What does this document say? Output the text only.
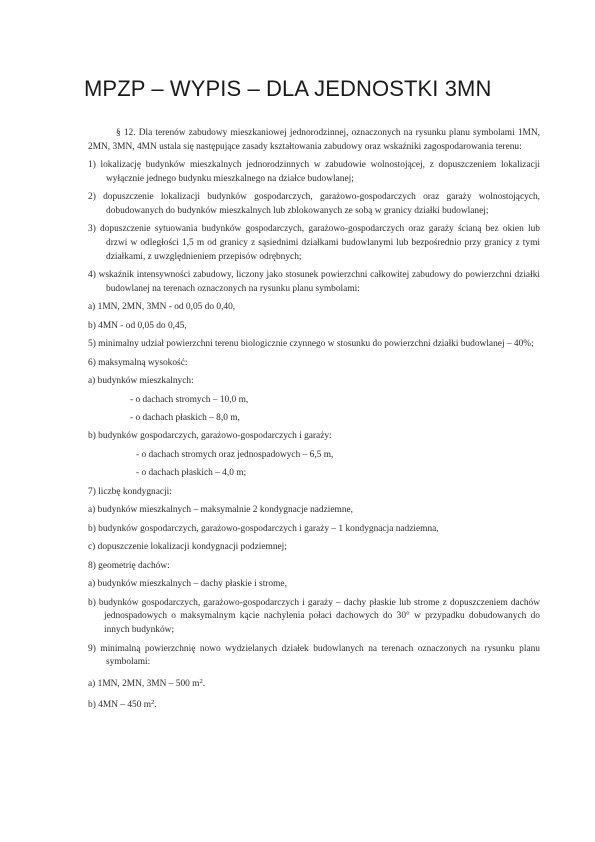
MPZP – WYPIS – DLA JEDNOSTKI 3MN

§ 12. Dla terenów zabudowy mieszkaniowej jednorodzinnej, oznaczonych na rysunku planu symbolami 1MN, 2MN, 3MN, 4MN ustala się następujące zasady kształtowania zabudowy oraz wskaźniki zagospodarowania terenu:

1) lokalizację budynków mieszkalnych jednorodzinnych w zabudowie wolnostojącej, z dopuszczeniem lokalizacji wyłącznie jednego budynku mieszkalnego na działce budowlanej;

2) dopuszczenie lokalizacji budynków gospodarczych, garażowo-gospodarczych oraz garaży wolnostojących, dobudowanych do budynków mieszkalnych lub zblokowanych ze sobą w granicy działki budowlanej;

3) dopuszczenie sytuowania budynków gospodarczych, garażowo-gospodarczych oraz garaży ścianą bez okien lub drzwi w odległości 1,5 m od granicy z sąsiednimi działkami budowlanymi lub bezpośrednio przy granicy z tymi działkami, z uwzględnieniem przepisów odrębnych;

4) wskaźnik intensywności zabudowy, liczony jako stosunek powierzchni całkowitej zabudowy do powierzchni działki budowlanej na terenach oznaczonych na rysunku planu symbolami:

a) 1MN, 2MN, 3MN - od 0,05 do 0,40,

b) 4MN - od 0,05 do 0,45,

5) minimalny udział powierzchni terenu biologicznie czynnego w stosunku do powierzchni działki budowlanej – 40%;

6) maksymalną wysokość:

a) budynków mieszkalnych:

- o dachach stromych – 10,0 m,

- o dachach płaskich – 8,0 m,

b) budynków gospodarczych, garażowo-gospodarczych i garaży:

- o dachach stromych oraz jednospadowych – 6,5 m,

- o dachach płaskich – 4,0 m;

7) liczbę kondygnacji:

a) budynków mieszkalnych – maksymalnie 2 kondygnacje nadziemne,

b) budynków gospodarczych, garażowo-gospodarczych i garaży – 1 kondygnacja nadziemna,

c) dopuszczenie lokalizacji kondygnacji podziemnej;

8) geometrię dachów:

a) budynków mieszkalnych – dachy płaskie i strome,

b) budynków gospodarczych, garażowo-gospodarczych i garaży – dachy płaskie lub strome z dopuszczeniem dachów jednospadowych o maksymalnym kącie nachylenia połaci dachowych do 30° w przypadku dobudowanych do innych budynków;

9) minimalną powierzchnię nowo wydzielanych działek budowlanych na terenach oznaczonych na rysunku planu symbolami:

a) 1MN, 2MN, 3MN – 500 $m^2$.

b) 4MN – 450 $m^2$.
